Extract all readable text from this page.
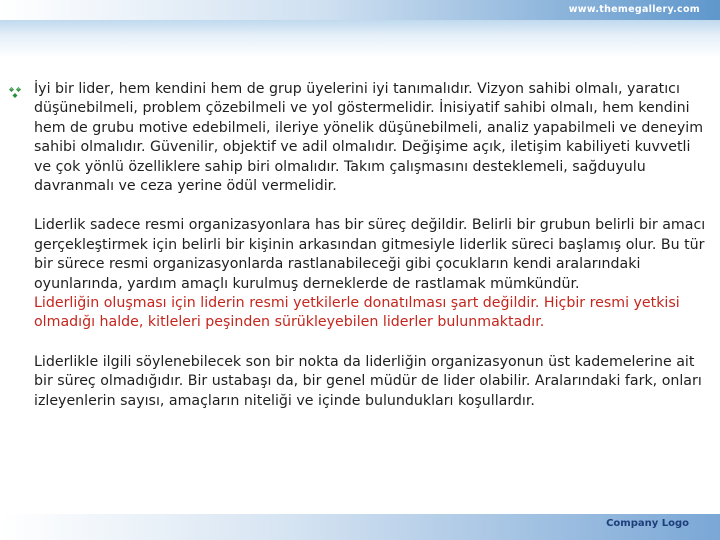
www.themegallery.com

İyi bir lider, hem kendini hem de grup üyelerini iyi tanımalıdır. Vizyon sahibi olmalı, yaratıcı düşünebilmeli, problem çözebilmeli ve yol göstermelidir. İnisiyatif sahibi olmalı, hem kendini hem de grubu motive edebilmeli, ileriye yönelik düşünebilmeli, analiz yapabilmeli ve deneyim sahibi olmalıdır. Güvenilir, objektif ve adil olmalıdır. Değişime açık, iletişim kabiliyeti kuvvetli ve çok yönlü özelliklere sahip biri olmalıdır. Takım çalışmasını desteklemeli, sağduyulu davranmalı ve ceza yerine ödül vermelidir.

Liderlik sadece resmi organizasyonlara has bir süreç değildir. Belirli bir grubun belirli bir amacı gerçekleştirmek için belirli bir kişinin arkasından gitmesiyle liderlik süreci başlamış olur. Bu tür bir sürece resmi organizasyonlarda rastlanabileceği gibi çocukların kendi aralarındaki oyunlarında, yardım amaçlı kurulmuş derneklerde de rastlamak mümkündür.

Liderliğin oluşması için liderin resmi yetkilerle donatılması şart değildir. Hiçbir resmi yetkisi olmadığı halde, kitleleri peşinden sürükleyebilen liderler bulunmaktadır.

Liderlikle ilgili söylenebilecek son bir nokta da liderliğin organizasyonun üst kademelerine ait bir süreç olmadığıdır. Bir ustabaşı da, bir genel müdür de lider olabilir. Aralarındaki fark, onları izleyenlerin sayısı, amaçların niteliği ve içinde bulundukları koşullardır.

Company Logo
